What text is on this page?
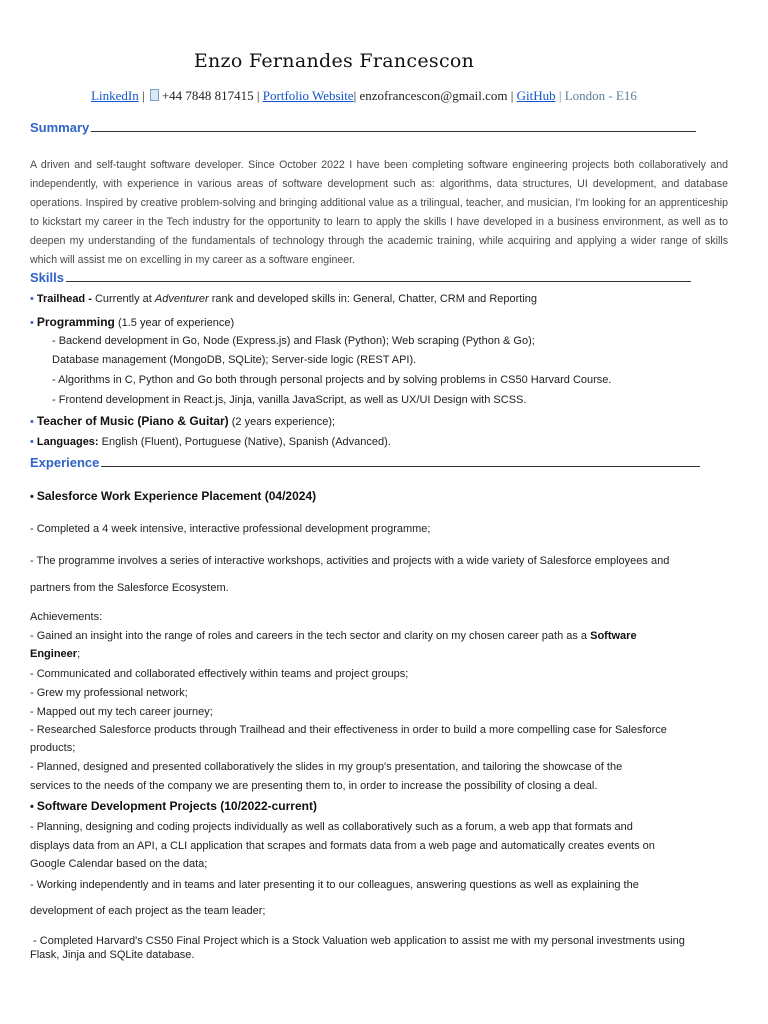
Enzo Fernandes Francescon
LinkedIn | +44 7848 817415 | Portfolio Website| enzofrancescon@gmail.com | GitHub | London - E16
Summary
A driven and self-taught software developer. Since October 2022 I have been completing software engineering projects both collaboratively and independently, with experience in various areas of software development such as: algorithms, data structures, UI development, and database operations. Inspired by creative problem-solving and bringing additional value as a trilingual, teacher, and musician, I'm looking for an apprenticeship to kickstart my career in the Tech industry for the opportunity to learn to apply the skills I have developed in a business environment, as well as to deepen my understanding of the fundamentals of technology through the academic training, while acquiring and applying a wider range of skills which will assist me on excelling in my career as a software engineer.
Skills
• Trailhead - Currently at Adventurer rank and developed skills in: General, Chatter, CRM and Reporting
• Programming (1.5 year of experience)
- Backend development in Go, Node (Express.js) and Flask (Python); Web scraping (Python & Go);
Database management (MongoDB, SQLite); Server-side logic (REST API).
- Algorithms in C, Python and Go both through personal projects and by solving problems in CS50 Harvard Course.
- Frontend development in React.js, Jinja, vanilla JavaScript, as well as UX/UI Design with SCSS.
• Teacher of Music (Piano & Guitar) (2 years experience);
• Languages: English (Fluent), Portuguese (Native), Spanish (Advanced).
Experience
• Salesforce Work Experience Placement (04/2024)
- Completed a 4 week intensive, interactive professional development programme;
- The programme involves a series of interactive workshops, activities and projects with a wide variety of Salesforce employees and
partners from the Salesforce Ecosystem.
Achievements:
- Gained an insight into the range of roles and careers in the tech sector and clarity on my chosen career path as a Software
Engineer;
- Communicated and collaborated effectively within teams and project groups;
- Grew my professional network;
- Mapped out my tech career journey;
- Researched Salesforce products through Trailhead and their effectiveness in order to build a more compelling case for Salesforce
products;
- Planned, designed and presented collaboratively the slides in my group's presentation, and tailoring the showcase of the
services to the needs of the company we are presenting them to, in order to increase the possibility of closing a deal.
• Software Development Projects (10/2022-current)
- Planning, designing and coding projects individually as well as collaboratively such as a forum, a web app that formats and
displays data from an API, a CLI application that scrapes and formats data from a web page and automatically creates events on
Google Calendar based on the data;
- Working independently and in teams and later presenting it to our colleagues, answering questions as well as explaining the
development of each project as the team leader;
- Completed Harvard's CS50 Final Project which is a Stock Valuation web application to assist me with my personal investments using
Flask, Jinja and SQLite database.
